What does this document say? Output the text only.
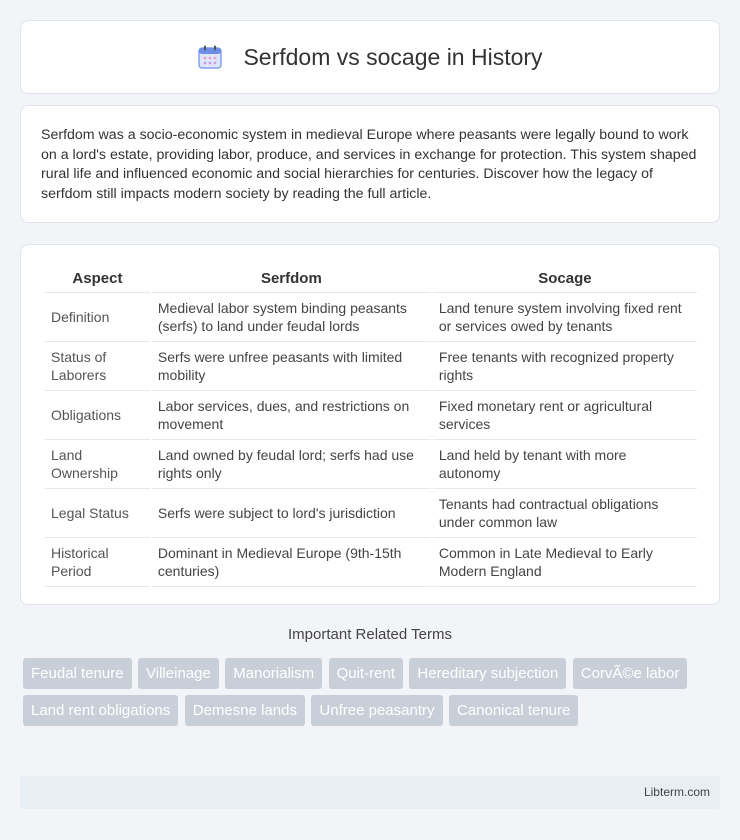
Serfdom vs socage in History

Serfdom was a socio-economic system in medieval Europe where peasants were legally bound to work on a lord's estate, providing labor, produce, and services in exchange for protection. This system shaped rural life and influenced economic and social hierarchies for centuries. Discover how the legacy of serfdom still impacts modern society by reading the full article.

Aspect	Serfdom	Socage
Definition	Medieval labor system binding peasants (serfs) to land under feudal lords	Land tenure system involving fixed rent or services owed by tenants
Status of Laborers	Serfs were unfree peasants with limited mobility	Free tenants with recognized property rights
Obligations	Labor services, dues, and restrictions on movement	Fixed monetary rent or agricultural services
Land Ownership	Land owned by feudal lord; serfs had use rights only	Land held by tenant with more autonomy
Legal Status	Serfs were subject to lord's jurisdiction	Tenants had contractual obligations under common law
Historical Period	Dominant in Medieval Europe (9th-15th centuries)	Common in Late Medieval to Early Modern England
Important Related Terms
Feudal tenure Villeinage Manorialism Quit-rent Hereditary subjection CorvÃ©e labor Land rent obligations Demesne lands Unfree peasantry Canonical tenure
Libterm.com
